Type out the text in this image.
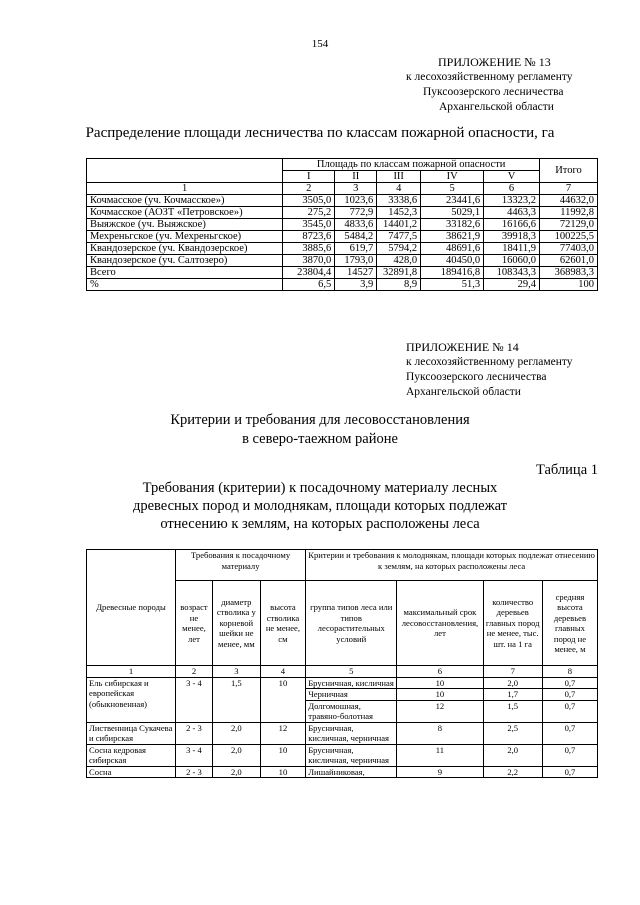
154
ПРИЛОЖЕНИЕ № 13
к лесохозяйственному регламенту
Пуксоозерского лесничества
Архангельской области
Распределение площади лесничества по классам пожарной опасности, га
	Площадь по классам пожарной опасности					Итого
	I	II	III	IV	V	
1	2	3	4	5	6	7
Кочмасское (уч. Кочмасское»)	3505,0	1023,6	3338,6	23441,6	13323,2	44632,0
Кочмасское (АОЗТ «Петровское»)	275,2	772,9	1452,3	5029,1	4463,3	11992,8
Выяжское (уч. Выяжское)	3545,0	4833,6	14401,2	33182,6	16166,6	72129,0
Мехреньгское (уч. Мехреньгское)	8723,6	5484,2	7477,5	38621,9	39918,3	100225,5
Квандозерское (уч. Квандозерское)	3885,6	619,7	5794,2	48691,6	18411,9	77403,0
Квандозерское (уч. Салтозеро)	3870,0	1793,0	428,0	40450,0	16060,0	62601,0
Всего	23804,4	14527	32891,8	189416,8	108343,3	368983,3
%	6,5	3,9	8,9	51,3	29,4	100
ПРИЛОЖЕНИЕ № 14
к лесохозяйственному регламенту
Пуксоозерского лесничества
Архангельской области
Критерии и требования для лесовосстановления
в северо-таежном районе
Таблица 1
Требования (критерии) к посадочному материалу лесных
древесных пород и молоднякам, площади которых подлежат
отнесению к землям, на которых расположены леса
Древесные породы	Требования к посадочному материалу			Критерии и требования к молоднякам, площади которых подлежат отнесению к землям, на которых расположены леса			
	возраст не менее, лет	диаметр стволика у корневой шейки не менее, мм	высота стволика не менее, см	группа типов леса или типов лесорастительных условий	максимальный срок лесовосстановления, лет	количество деревьев главных пород не менее, тыс. шт. на 1 га	средняя высота деревьев главных пород не менее, м
1	2	3	4	5	6	7	8
Ель сибирская и европейская (обыкновенная)	3 - 4	1,5	10	Брусничная, кисличная	10	2,0	0,7
				Черничная	10	1,7	0,7
				Долгомошная, травяно-болотная	12	1,5	0,7
Лиственница Сукачева и сибирская	2 - 3	2,0	12	Брусничная, кисличная, черничная	8	2,5	0,7
Сосна кедровая сибирская	3 - 4	2,0	10	Брусничная, кисличная, черничная	11	2,0	0,7
Сосна	2 - 3	2,0	10	Лишайниковая,	9	2,2	0,7
